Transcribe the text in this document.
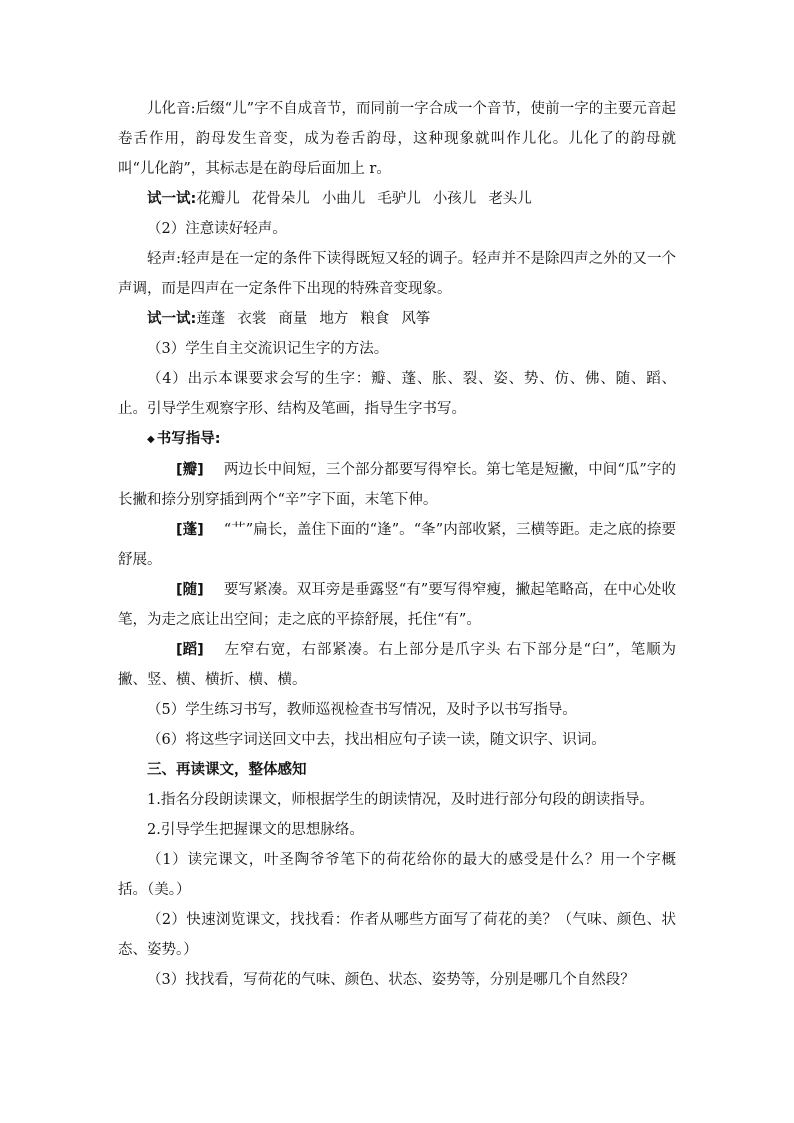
儿化音:后缀“儿”字不自成音节，而同前一字合成一个音节，使前一字的主要元音起卷舌作用，韵母发生音变，成为卷舌韵母，这种现象就叫作儿化。儿化了的韵母就叫“儿化韵”，其标志是在韵母后面加上 r。

试一试:花瓣儿 花骨朵儿 小曲儿 毛驴儿 小孩儿 老头儿

（2）注意读好轻声。

轻声:轻声是在一定的条件下读得既短又轻的调子。轻声并不是除四声之外的又一个声调，而是四声在一定条件下出现的特殊音变现象。

试一试:莲蓬 衣裳 商量 地方 粮食 风筝

（3）学生自主交流识记生字的方法。

（4）出示本课要求会写的生字：瓣、蓬、胀、裂、姿、势、仿、佛、随、蹈、止。引导学生观察字形、结构及笔画，指导生字书写。

◆ 书写指导:

[瓣] 两边长中间短，三个部分都要写得窄长。第七笔是短撇，中间“瓜”字的长撇和捺分别穿插到两个“辛”字下面，末笔下伸。

[蓬] “艹”扁长，盖住下面的“逢”。“夆”内部收紧，三横等距。走之底的捺要舒展。

[随] 要写紧凑。双耳旁是垂露竖“有”要写得窄瘦，撇起笔略高，在中心处收笔，为走之底让出空间；走之底的平捺舒展，托住“有”。

[蹈] 左窄右宽，右部紧凑。右上部分是爪字头 右下部分是“臼”，笔顺为撇、竖、横、横折、横、横。

（5）学生练习书写，教师巡视检查书写情况，及时予以书写指导。

（6）将这些字词送回文中去，找出相应句子读一读，随文识字、识词。

三、再读课文，整体感知

1.指名分段朗读课文，师根据学生的朗读情况，及时进行部分句段的朗读指导。

2.引导学生把握课文的思想脉络。

（1）读完课文，叶圣陶爷爷笔下的荷花给你的最大的感受是什么？用一个字概括。（美。）

（2）快速浏览课文，找找看：作者从哪些方面写了荷花的美？（气味、颜色、状态、姿势。）

（3）找找看，写荷花的气味、颜色、状态、姿势等，分别是哪几个自然段？
